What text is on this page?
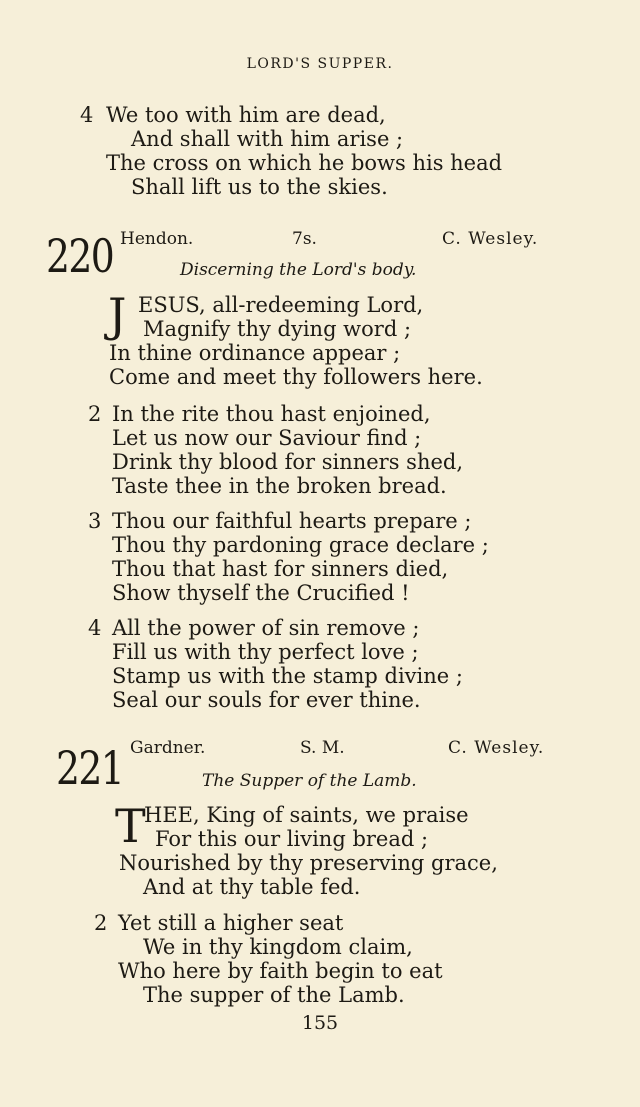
LORD'S SUPPER.
4 We too with him are dead,
And shall with him arise ;
The cross on which he bows his head
Shall lift us to the skies.
220 Hendon.	7s.	C. Wesley.
Discerning the Lord's body.
J ESUS, all-redeeming Lord,
Magnify thy dying word ;
In thine ordinance appear ;
Come and meet thy followers here.
2 In the rite thou hast enjoined,
Let us now our Saviour find ;
Drink thy blood for sinners shed,
Taste thee in the broken bread.
3 Thou our faithful hearts prepare ;
Thou thy pardoning grace declare ;
Thou that hast for sinners died,
Show thyself the Crucified !
4 All the power of sin remove ;
Fill us with thy perfect love ;
Stamp us with the stamp divine ;
Seal our souls for ever thine.
221 Gardner.	S. M.	C. Wesley.
The Supper of the Lamb.
T
HEE, King of saints, we praise
For this our living bread ;
Nourished by thy preserving grace,
And at thy table fed.
2 Yet still a higher seat
We in thy kingdom claim,
Who here by faith begin to eat
The supper of the Lamb.
155
